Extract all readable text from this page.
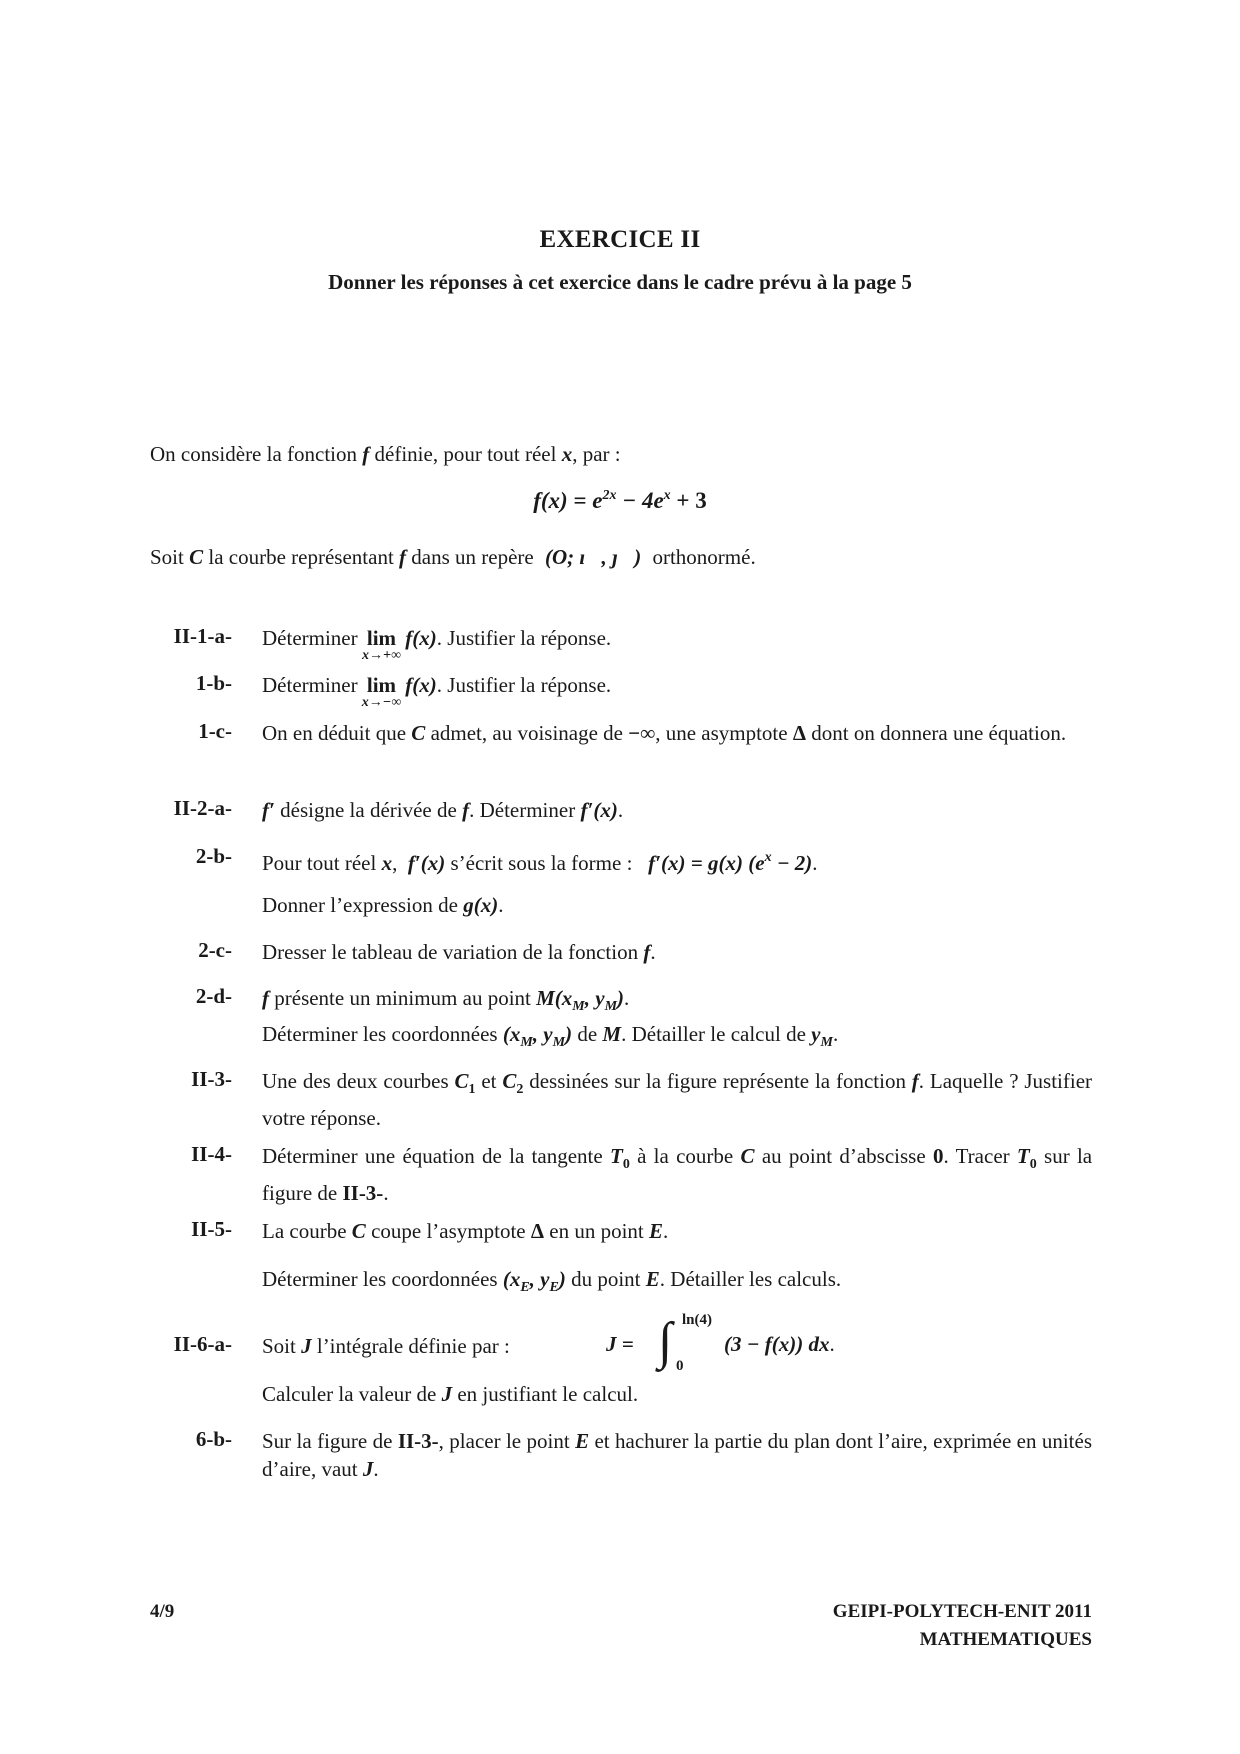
EXERCICE II
Donner les réponses à cet exercice dans le cadre prévu à la page 5
On considère la fonction f définie, pour tout réel x, par :
$f(x) = e^{2x} - 4e^x + 3$
Soit C la courbe représentant f dans un repère (O; ı⃗, ȷ⃗) orthonormé.
II-1-a- Déterminer lim
x→+∞
f(x). Justifier la réponse.
1-b- Déterminer lim
x→−∞
f(x). Justifier la réponse.
1-c- On en déduit que C admet, au voisinage de −∞, une asymptote Δ dont on donnera une équation.
II-2-a- f′ désigne la dérivée de f. Déterminer f′(x).
2-b- Pour tout réel x, f′(x) s’écrit sous la forme : f′(x) = g(x) $(e^x - 2)$.
Donner l’expression de g(x).
2-c- Dresser le tableau de variation de la fonction f.
2-d- f présente un minimum au point $M(x_M$, $y_M$).
Déterminer les coordonnées ($x_M$, $y_M$) de M. Détailler le calcul de $y_M$.
II-3- Une des deux courbes $C_1$ et $C_2$ dessinées sur la figure représente la fonction f. Laquelle ? Justifier votre réponse.
II-4- Déterminer une équation de la tangente $T_0$ à la courbe C au point d’abscisse 0. Tracer $T_0$ sur la figure de II-3-.
II-5- La courbe C coupe l’asymptote Δ en un point E.
Déterminer les coordonnées ($x_E$, $y_E$) du point E. Détailler les calculs.
II-6-a- Soit J l’intégrale définie par :	J = ∫ ln(4)
0
(3 − f(x)) dx.
Calculer la valeur de J en justifiant le calcul.
6-b- Sur la figure de II-3-, placer le point E et hachurer la partie du plan dont l’aire, exprimée en unités d’aire, vaut J.
4/9	GEIPI-POLYTECH-ENIT 2011
MATHEMATIQUES
